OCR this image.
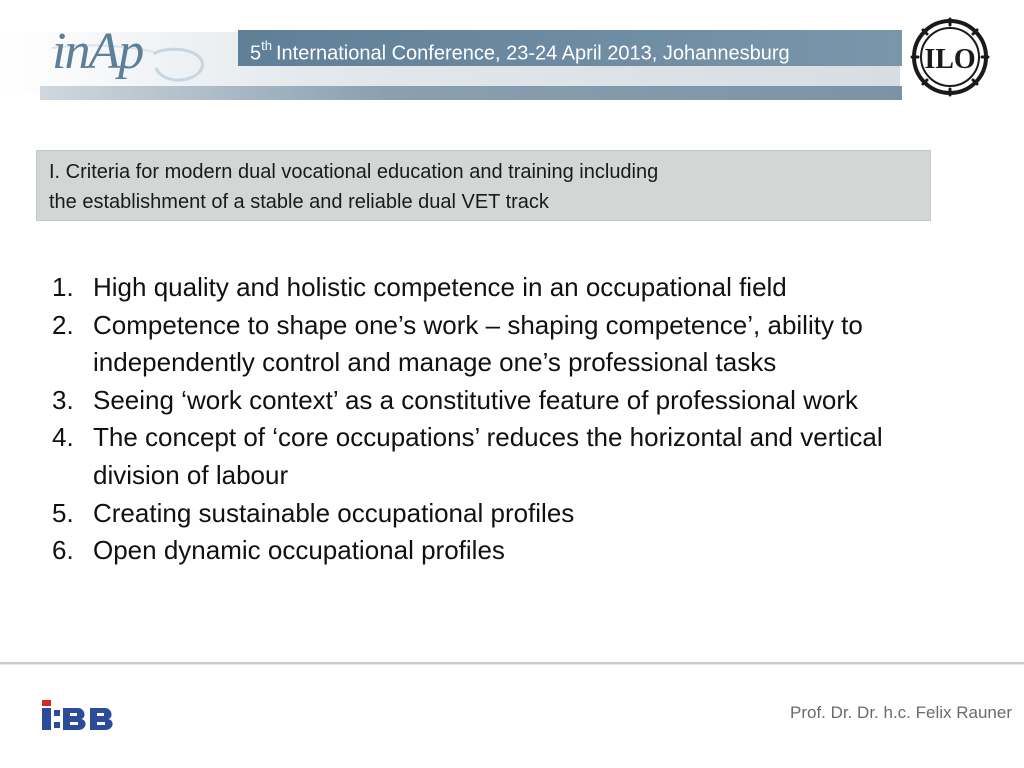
5th International Conference, 23-24 April 2013, Johannesburg
inAp	ILO
I. Criteria for modern dual vocational education and training including
the establishment of a stable and reliable dual VET track
1. High quality and holistic competence in an occupational field
2. Competence to shape one’s work – shaping competence’, ability to independently control and manage one’s professional tasks
3. Seeing ‘work context’ as a constitutive feature of professional work
4. The concept of ‘core occupations’ reduces the horizontal and vertical division of labour
5. Creating sustainable occupational profiles
6. Open dynamic occupational profiles
Prof. Dr. Dr. h.c. Felix Rauner
